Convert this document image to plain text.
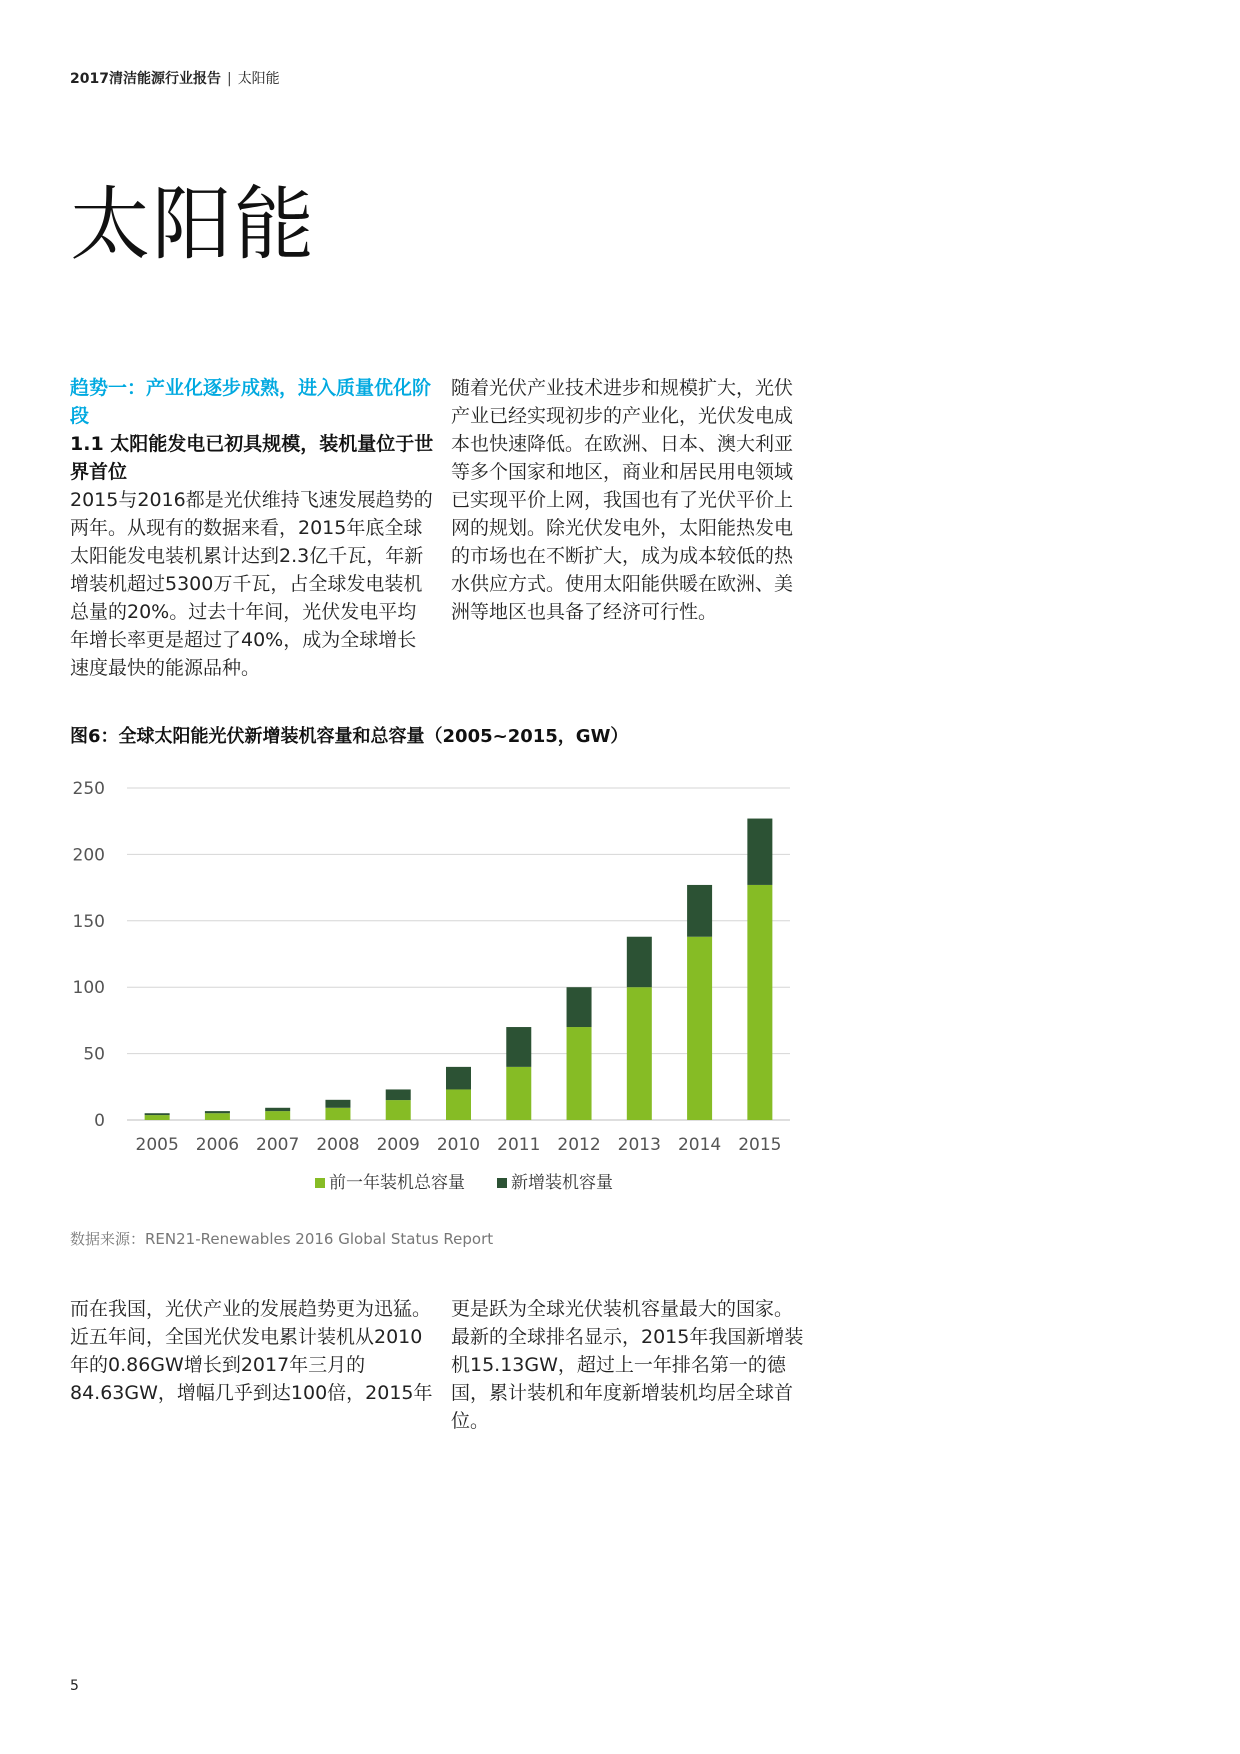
2017清洁能源行业报告 | 太阳能
太阳能
趋势一：产业化逐步成熟，进入质量优化阶段
1.1 太阳能发电已初具规模，装机量位于世界首位

2015与2016都是光伏维持飞速发展趋势的两年。从现有的数据来看，2015年底全球太阳能发电装机累计达到2.3亿千瓦，年新增装机超过5300万千瓦，占全球发电装机总量的20%。过去十年间，光伏发电平均年增长率更是超过了40%，成为全球增长速度最快的能源品种。

随着光伏产业技术进步和规模扩大，光伏产业已经实现初步的产业化，光伏发电成本也快速降低。在欧洲、日本、澳大利亚等多个国家和地区，商业和居民用电领域已实现平价上网，我国也有了光伏平价上网的规划。除光伏发电外，太阳能热发电的市场也在不断扩大，成为成本较低的热水供应方式。使用太阳能供暖在欧洲、美洲等地区也具备了经济可行性。

图6：全球太阳能光伏新增装机容量和总容量（2005~2015，GW）
0
50
100
150
200
250
2005 2006 2007 2008 2009 2010 2011 2012 2013 2014 2015
前一年装机总容量	新增装机容量
数据来源：REN21-Renewables 2016 Global Status Report

而在我国，光伏产业的发展趋势更为迅猛。近五年间，全国光伏发电累计装机从2010年的0.86GW增长到2017年三月的84.63GW，增幅几乎到达100倍，2015年

更是跃为全球光伏装机容量最大的国家。最新的全球排名显示，2015年我国新增装机15.13GW，超过上一年排名第一的德国，累计装机和年度新增装机均居全球首位。

5
